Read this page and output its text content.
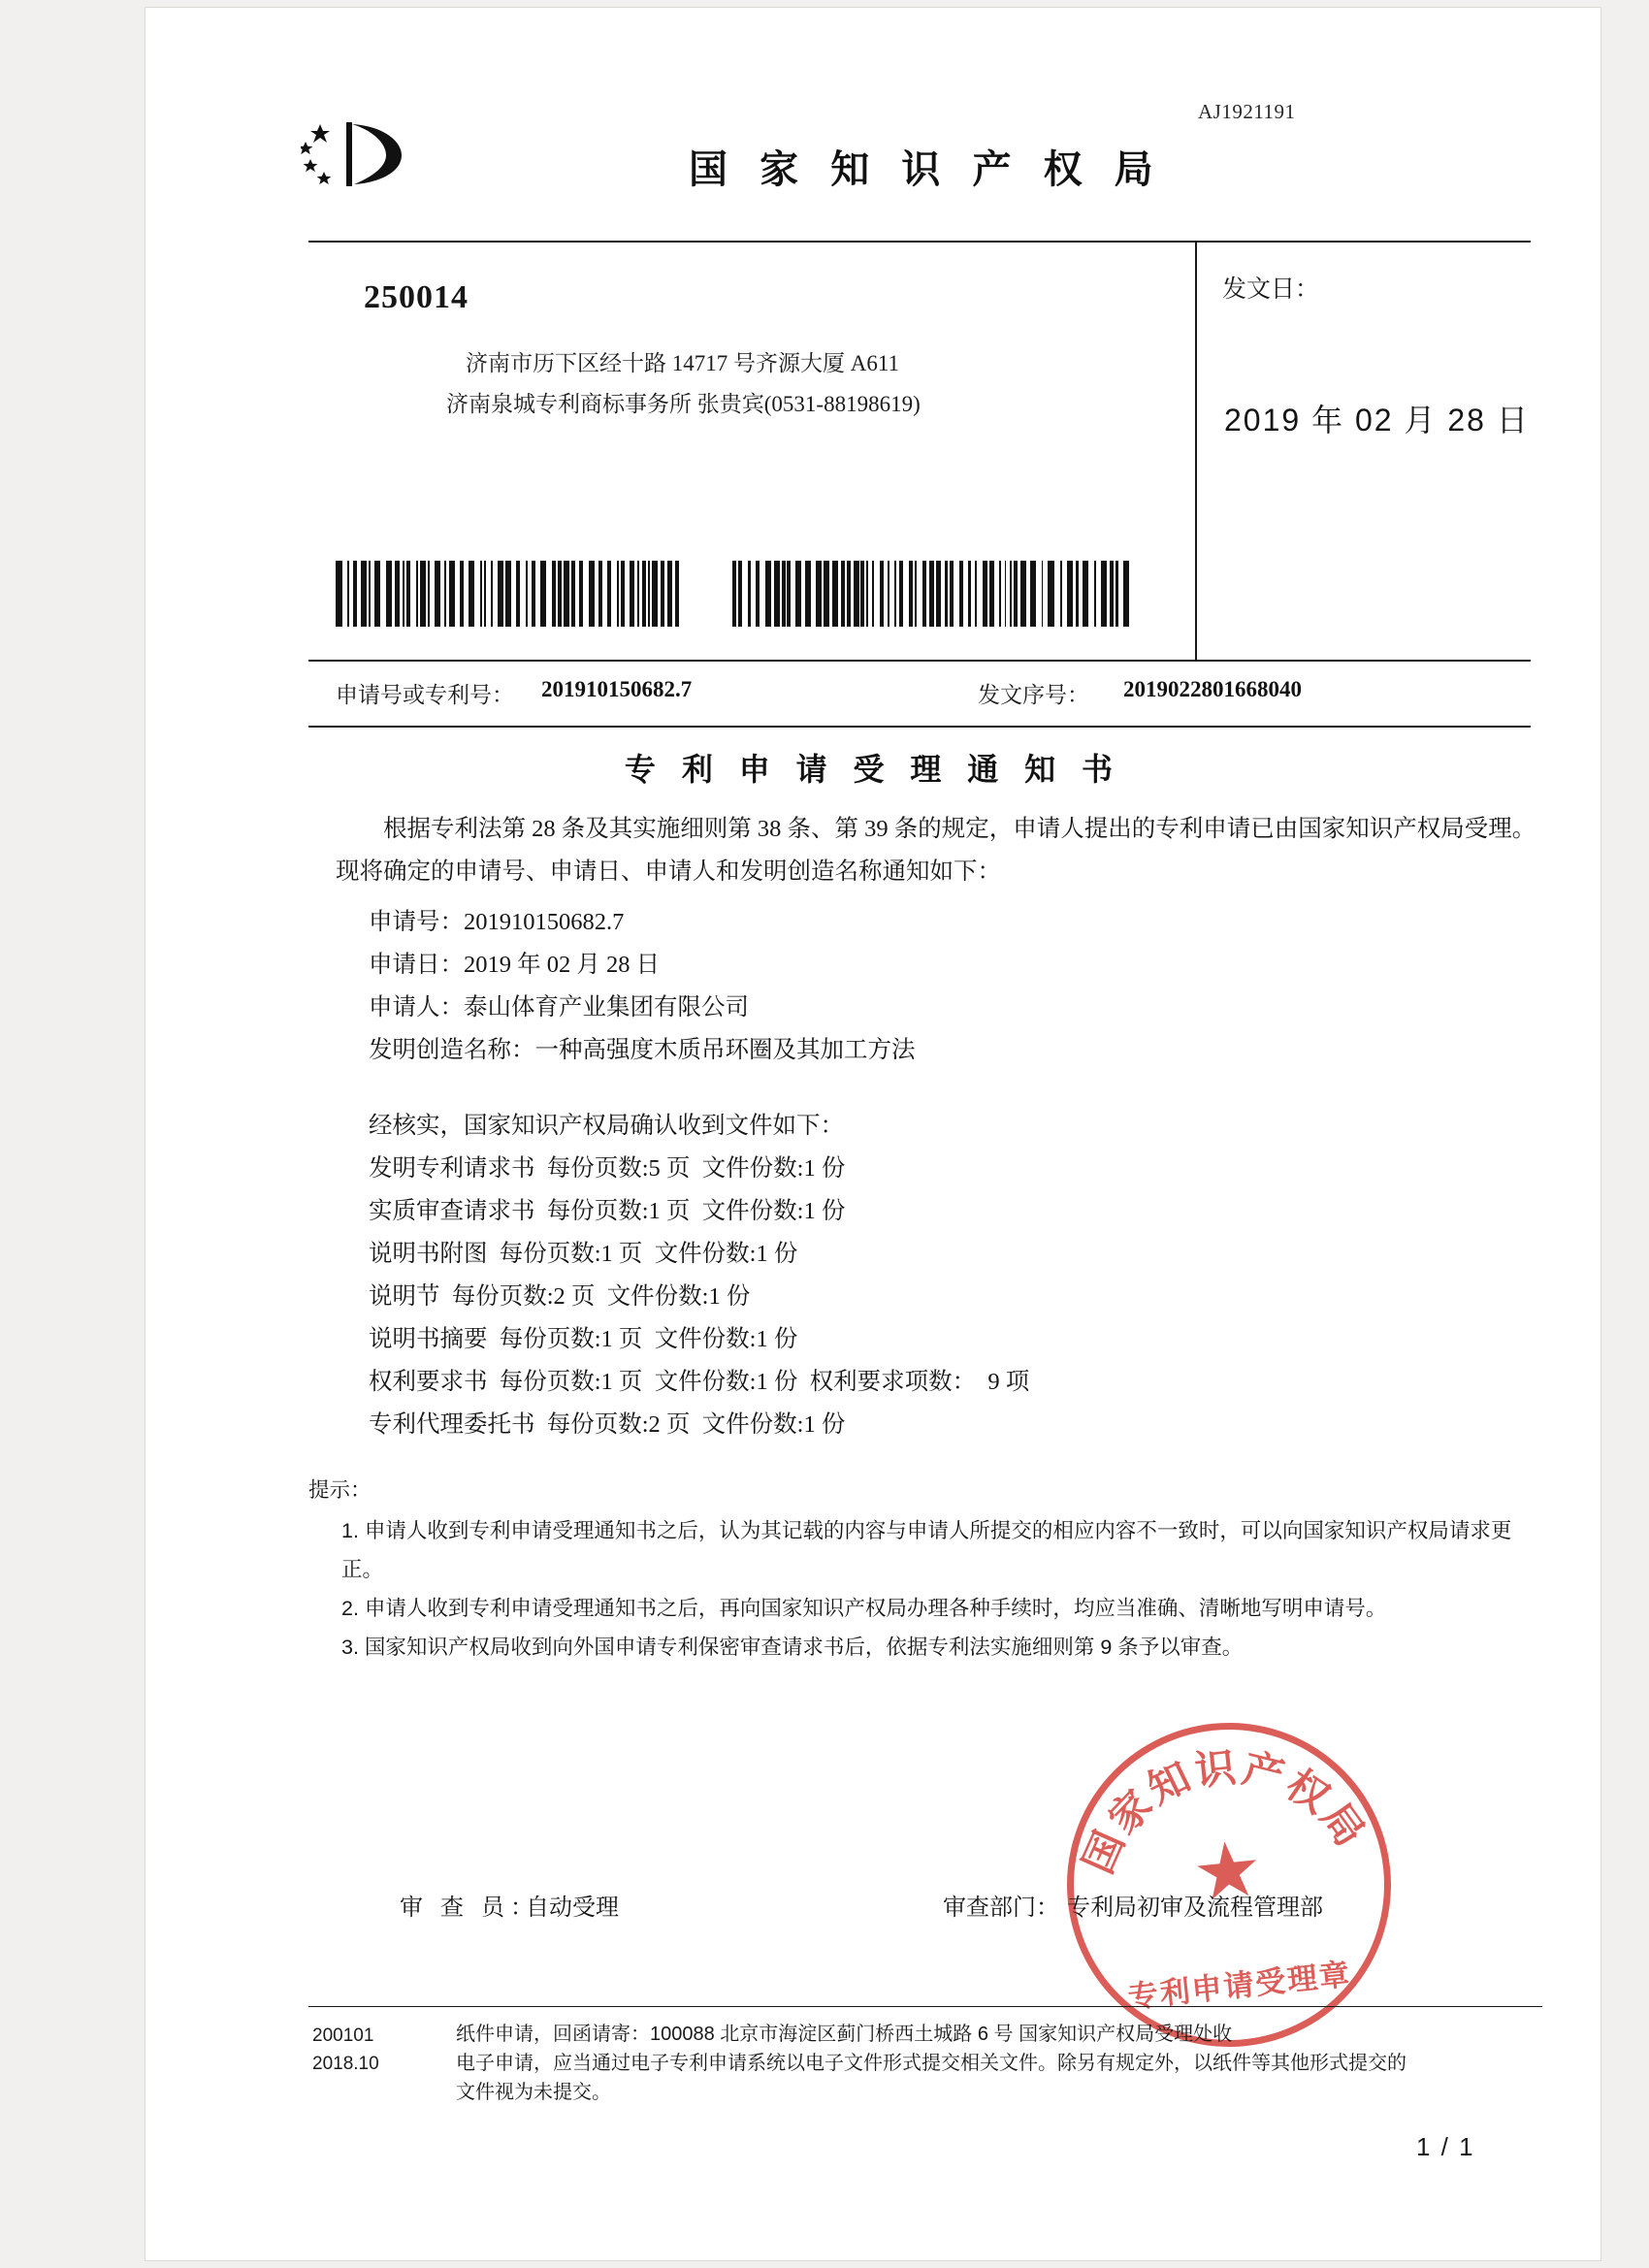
AJ1921191
国 家 知 识 产 权 局
250014
济南市历下区经十路 14717 号齐源大厦 A611
济南泉城专利商标事务所 张贵宾(0531-88198619)
发文日：
2019 年 02 月 28 日
申请号或专利号： 201910150682.7	发文序号： 2019022801668040
专 利 申 请 受 理 通 知 书
根据专利法第 28 条及其实施细则第 38 条、第 39 条的规定，申请人提出的专利申请已由国家知识产权局受理。现将确定的申请号、申请日、申请人和发明创造名称通知如下：
申请号：201910150682.7
申请日：2019 年 02 月 28 日
申请人：泰山体育产业集团有限公司
发明创造名称：一种高强度木质吊环圈及其加工方法
经核实，国家知识产权局确认收到文件如下：
发明专利请求书  每份页数:5 页  文件份数:1 份
实质审查请求书  每份页数:1 页  文件份数:1 份
说明书附图  每份页数:1 页  文件份数:1 份
说明节  每份页数:2 页  文件份数:1 份
说明书摘要  每份页数:1 页  文件份数:1 份
权利要求书  每份页数:1 页  文件份数:1 份  权利要求项数：  9 项
专利代理委托书  每份页数:2 页  文件份数:1 份
提示：
1. 申请人收到专利申请受理通知书之后，认为其记载的内容与申请人所提交的相应内容不一致时，可以向国家知识产权局请求更正。
2. 申请人收到专利申请受理通知书之后，再向国家知识产权局办理各种手续时，均应当准确、清晰地写明申请号。
3. 国家知识产权局收到向外国申请专利保密审查请求书后，依据专利法实施细则第 9 条予以审查。
国家知识产权局
★
专利申请受理章
审 查 员：
自动受理	审查部门： 专利局初审及流程管理部
200101
2018.10
纸件申请，回函请寄：100088 北京市海淀区蓟门桥西土城路 6 号 国家知识产权局受理处收
电子申请，应当通过电子专利申请系统以电子文件形式提交相关文件。除另有规定外，以纸件等其他形式提交的
文件视为未提交。
1 / 1
